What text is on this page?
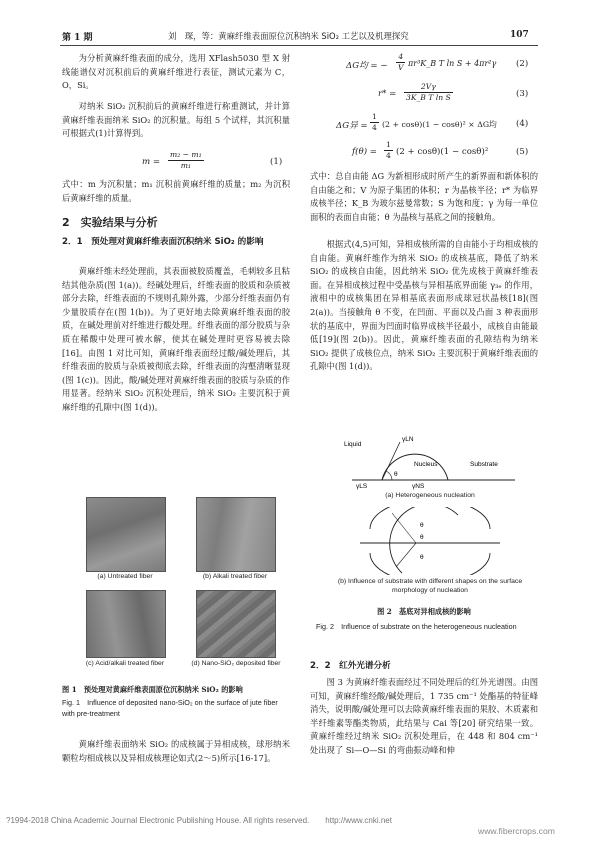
第 1 期	刘　琛，等：黄麻纤维表面原位沉积纳米 SiO₂ 工艺以及机理探究	107
为分析黄麻纤维表面的成分，选用 XFlash5030 型 X 射线能谱仪对沉积前后的黄麻纤维进行表征，测试元素为 C，O，Si。
对纳米 SiO₂ 沉积前后的黄麻纤维进行称重测试，并计算黄麻纤维表面纳米 SiO₂ 的沉积量。每组 5 个试样，其沉积量可根据式(1)计算得到。
$m = \frac{\text{m₂ − m₁}}{\text{m₁}}$	(1)
式中：m 为沉积量；m₁ 沉积前黄麻纤维的质量；m₂ 为沉积后黄麻纤维的质量。
2　实验结果与分析
2．1　预处理对黄麻纤维表面沉积纳米 SiO₂ 的影响
黄麻纤维未经处理前，其表面被胶质覆盖，毛刺较多且粘结其他杂质(图 1(a))。经碱处理后，纤维表面的胶质和杂质被部分去除，纤维表面的不规则孔隙外露，少部分纤维表面仍有少量胶质存在(图 1(b))。为了更好地去除黄麻纤维表面的胶质，在碱处理前对纤维进行酸处理。纤维表面的部分胶质与杂质在稀酸中处理可被水解，使其在碱处理时更容易被去除[16]。由图 1 对比可知，黄麻纤维表面经过酸/碱处理后，其纤维表面的胶质与杂质被彻底去除，纤维表面的沟壑清晰显现(图 1(c))。因此，酸/碱处理对黄麻纤维表面的胶质与杂质的作用显著。经纳米 SiO₂ 沉积处理后，纳米 SiO₂ 主要沉积于黄麻纤维的孔隙中(图 1(d))。
(a) Untreated fiber	(b) Alkali treated fiber
(c) Acid/alkali treated fiber	(d) Nano-SiO₂ deposited fiber
图 1　预处理对黄麻纤维表面原位沉积纳米 SiO₂ 的影响
Fig. 1　Influence of deposited nano-SiO₂ on the surface of jute fiber with pre-treatment
黄麻纤维表面纳米 SiO₂ 的成核属于异相成核，球形纳米颗粒均相成核以及异相成核理论如式(2～5)所示[16-17]。
ΔG均 = − $\frac{4}{V}$ πr³K_B T ln S + 4πr²γ (2)
$r* = \frac{2V\gamma}{\text{3K\_B T ln S}}$	(3)
ΔG异 = $\frac{1}{4} (2 + \cos\theta)(1 - \cos\theta)^2 \times \Delta G$均 (4)
$f(\theta) = \frac{1}{4} (2 + \cos\theta)(1 - \cos\theta)^2$	(5)
式中：总自由能 ΔG 为新相形成时所产生的新界面和新体积的自由能之和；V 为原子集团的体积；r 为晶核半径；r* 为临界成核半径；K_B 为玻尔兹曼常数；S 为饱和度；γ 为每一单位面积的表面自由能；θ 为晶核与基底之间的接触角。
根据式(4,5)可知，异相成核所需的自由能小于均相成核的自由能。黄麻纤维作为纳米 SiO₂ 的成核基底，降低了纳米 SiO₂ 的成核自由能，因此纳米 SiO₂ 优先成核于黄麻纤维表面。在异相成核过程中受晶核与异相基底界面能 γ₃ₑ 的作用，液相中的成核集团在异相基底表面形成球冠状晶核[18](图 2(a))。当接触角 θ 不变，在凹面、平面以及凸面 3 种表面形状的基底中，界面为凹面时临界成核半径最小，成核自由能最低[19](图 2(b))。因此，黄麻纤维表面的孔隙结构为纳米 SiO₂ 提供了成核位点，纳米 SiO₂ 主要沉积于黄麻纤维表面的孔隙中(图 1(d))。
Liquid
Nucleus	Substrate
γLN
γLS	γNS
θ
(a) Heterogeneous nucleation
θ
θ
θ
(b) Influence of substrate with different shapes on the surface morphology of nucleation
图 2　基底对异相成核的影响
Fig. 2　Influence of substrate on the heterogeneous nucleation
2．2　红外光谱分析
图 3 为黄麻纤维表面经过不同处理后的红外光谱图。由图可知，黄麻纤维经酸/碱处理后，1 735 cm⁻¹ 处酯基的特征峰消失，说明酸/碱处理可以去除黄麻纤维表面的果胶、木质素和半纤维素等酯类物质，此结果与 Cai 等[20] 研究结果一致。黄麻纤维经过纳米 SiO₂ 沉积处理后，在 448 和 804 cm⁻¹ 处出现了 Si—O—Si 的弯曲振动峰和伸
?1994-2018 China Academic Journal Electronic Publishing House. All rights reserved.　　http://www.cnki.net
www.fibercrops.com
